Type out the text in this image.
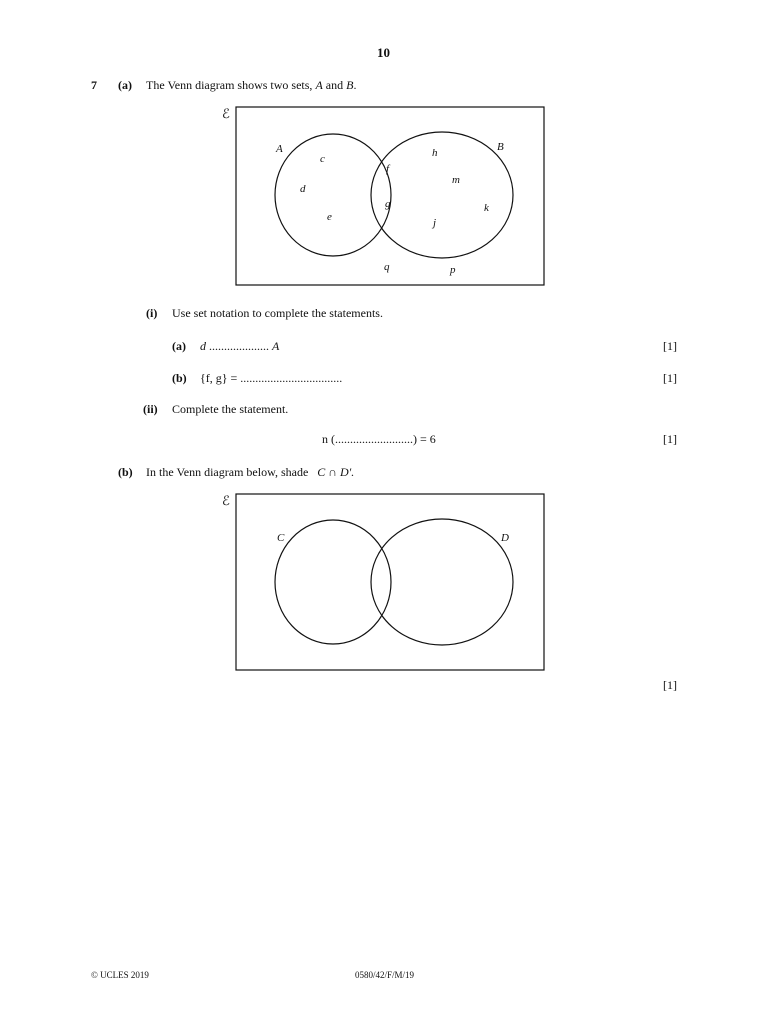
10
7 (a) The Venn diagram shows two sets, A and B.
ℰ
A	B
c
d
e
f
g
h
m
k
j
q	p
(i) Use set notation to complete the statements.
(a) d .................... A	[1]
(b) {f, g} = ..................................	[1]
(ii) Complete the statement.
n (..........................) = 6	[1]
(b) In the Venn diagram below, shade C ∩ D′.
ℰ
C	D
[1]
© UCLES 2019	0580/42/F/M/19
